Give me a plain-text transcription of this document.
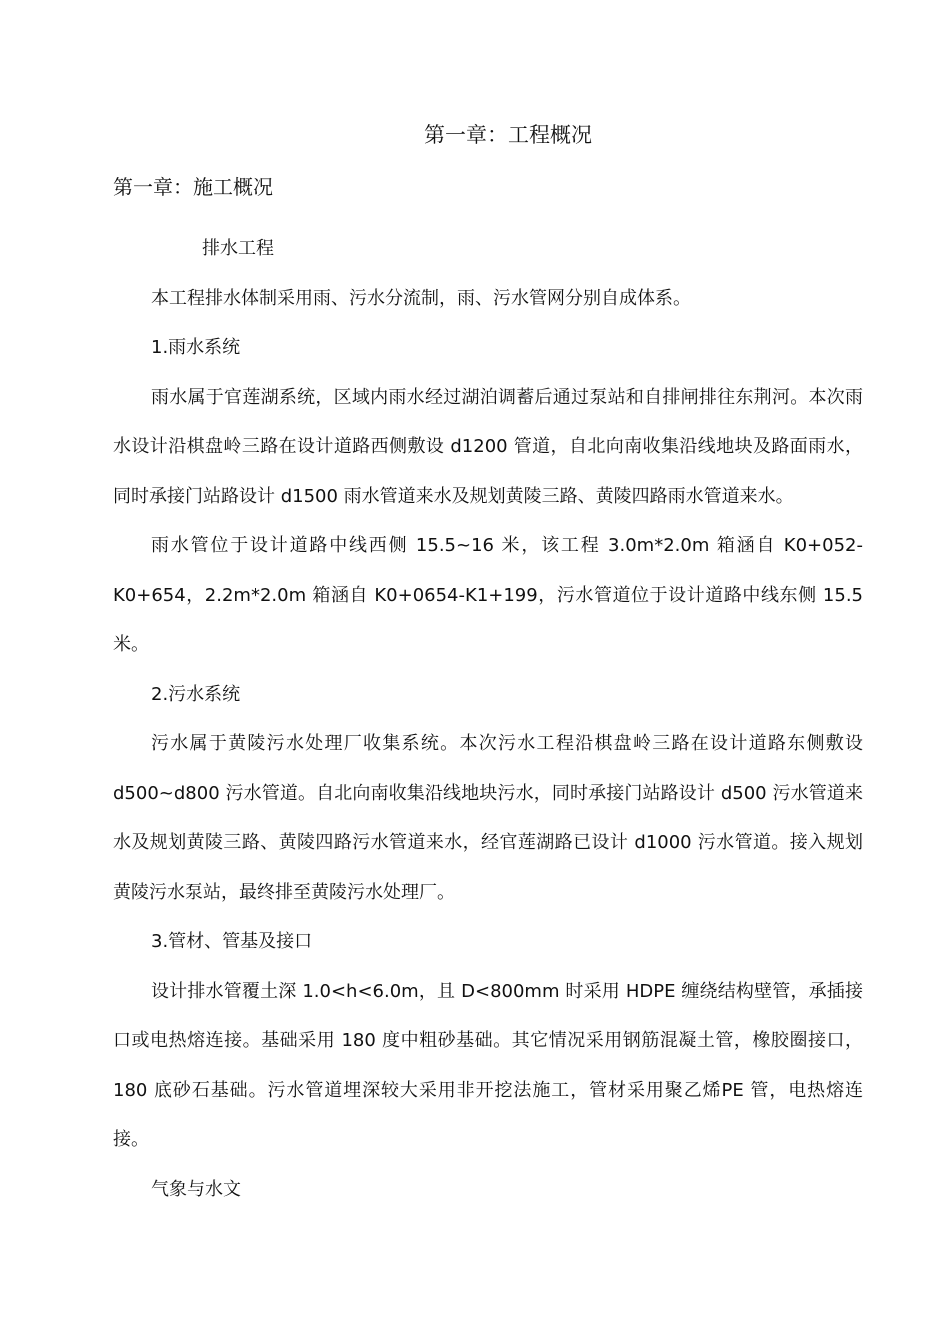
第一章：工程概况
第一章：施工概况

排水工程

本工程排水体制采用雨、污水分流制，雨、污水管网分别自成体系。

1.雨水系统

雨水属于官莲湖系统，区域内雨水经过湖泊调蓄后通过泵站和自排闸排往东荆河。本次雨水设计沿棋盘岭三路在设计道路西侧敷设 d1200 管道，自北向南收集沿线地块及路面雨水，同时承接门站路设计 d1500 雨水管道来水及规划黄陵三路、黄陵四路雨水管道来水。

雨水管位于设计道路中线西侧 15.5~16 米，该工程 3.0m*2.0m 箱涵自 K0+052-K0+654，2.2m*2.0m 箱涵自 K0+0654-K1+199，污水管道位于设计道路中线东侧 15.5 米。

2.污水系统

污水属于黄陵污水处理厂收集系统。本次污水工程沿棋盘岭三路在设计道路东侧敷设 d500~d800 污水管道。自北向南收集沿线地块污水，同时承接门站路设计 d500 污水管道来水及规划黄陵三路、黄陵四路污水管道来水，经官莲湖路已设计 d1000 污水管道。接入规划黄陵污水泵站，最终排至黄陵污水处理厂。

3.管材、管基及接口

设计排水管覆土深 1.0<h<6.0m，且 D<800mm 时采用 HDPE 缠绕结构壁管，承插接口或电热熔连接。基础采用 180 度中粗砂基础。其它情况采用钢筋混凝土管，橡胶圈接口，180 底砂石基础。污水管道埋深较大采用非开挖法施工，管材采用聚乙烯PE 管，电热熔连接。

气象与水文
